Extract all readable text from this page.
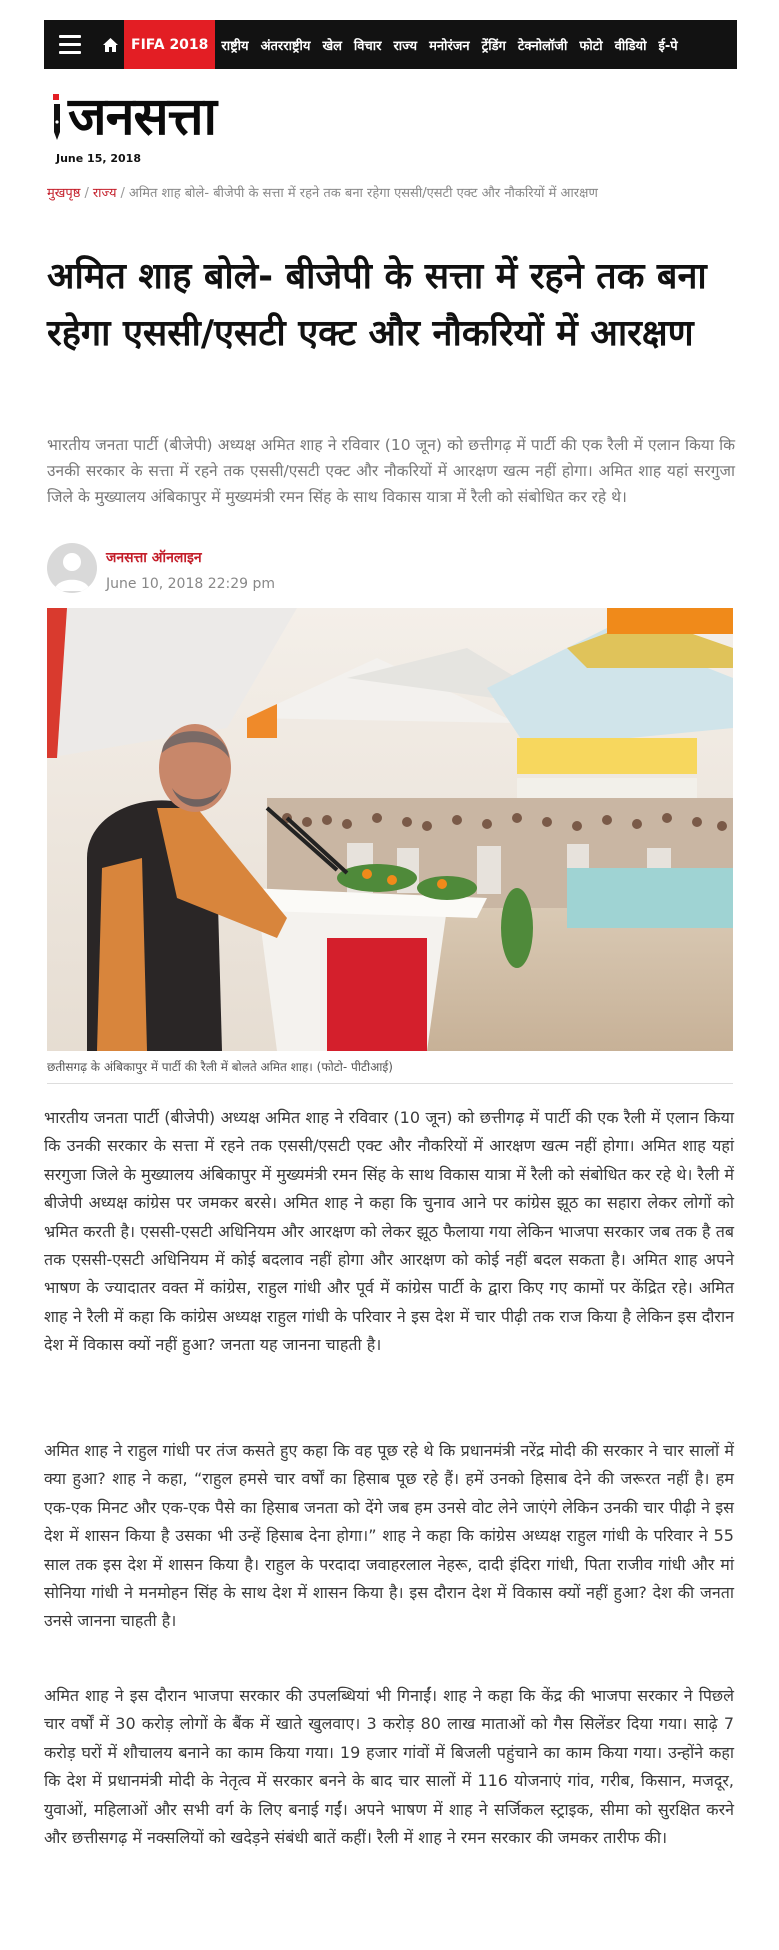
FIFA 2018	राष्ट्रीय अंतरराष्ट्रीय खेल विचार राज्य मनोरंजन ट्रेंडिंग टेक्नोलॉजी फोटो वीडियो ई-पे
जनसत्ता
June 15, 2018
मुखपृष्ठ / राज्य / अमित शाह बोले- बीजेपी के सत्ता में रहने तक बना रहेगा एससी/एसटी एक्ट और नौकरियों में आरक्षण
अमित शाह बोले- बीजेपी के सत्ता में रहने तक बना रहेगा एससी/एसटी एक्ट और नौकरियों में आरक्षण

भारतीय जनता पार्टी (बीजेपी) अध्यक्ष अमित शाह ने रविवार (10 जून) को छत्तीगढ़ में पार्टी की एक रैली में एलान किया कि उनकी सरकार के सत्ता में रहने तक एससी/एसटी एक्ट और नौकरियों में आरक्षण खत्म नहीं होगा। अमित शाह यहां सरगुजा जिले के मुख्यालय अंबिकापुर में मुख्यमंत्री रमन सिंह के साथ विकास यात्रा में रैली को संबोधित कर रहे थे।

जनसत्ता ऑनलाइन
June 10, 2018 22:29 pm
छतीसगढ़ के अंबिकापुर में पार्टी की रैली में बोलते अमित शाह। (फोटो- पीटीआई)

भारतीय जनता पार्टी (बीजेपी) अध्यक्ष अमित शाह ने रविवार (10 जून) को छत्तीगढ़ में पार्टी की एक रैली में एलान किया कि उनकी सरकार के सत्ता में रहने तक एससी/एसटी एक्ट और नौकरियों में आरक्षण खत्म नहीं होगा। अमित शाह यहां सरगुजा जिले के मुख्यालय अंबिकापुर में मुख्यमंत्री रमन सिंह के साथ विकास यात्रा में रैली को संबोधित कर रहे थे। रैली में बीजेपी अध्यक्ष कांग्रेस पर जमकर बरसे। अमित शाह ने कहा कि चुनाव आने पर कांग्रेस झूठ का सहारा लेकर लोगों को भ्रमित करती है। एससी-एसटी अधिनियम और आरक्षण को लेकर झूठ फैलाया गया लेकिन भाजपा सरकार जब तक है तब तक एससी-एसटी अधिनियम में कोई बदलाव नहीं होगा और आरक्षण को कोई नहीं बदल सकता है। अमित शाह अपने भाषण के ज्यादातर वक्त में कांग्रेस, राहुल गांधी और पूर्व में कांग्रेस पार्टी के द्वारा किए गए कामों पर केंद्रित रहे। अमित शाह ने रैली में कहा कि कांग्रेस अध्यक्ष राहुल गांधी के परिवार ने इस देश में चार पीढ़ी तक राज किया है लेकिन इस दौरान देश में विकास क्यों नहीं हुआ? जनता यह जानना चाहती है।

अमित शाह ने राहुल गांधी पर तंज कसते हुए कहा कि वह पूछ रहे थे कि प्रधानमंत्री नरेंद्र मोदी की सरकार ने चार सालों में क्या हुआ? शाह ने कहा, “राहुल हमसे चार वर्षों का हिसाब पूछ रहे हैं। हमें उनको हिसाब देने की जरूरत नहीं है। हम एक-एक मिनट और एक-एक पैसे का हिसाब जनता को देंगे जब हम उनसे वोट लेने जाएंगे लेकिन उनकी चार पीढ़ी ने इस देश में शासन किया है उसका भी उन्हें हिसाब देना होगा।” शाह ने कहा कि कांग्रेस अध्यक्ष राहुल गांधी के परिवार ने 55 साल तक इस देश में शासन किया है। राहुल के परदादा जवाहरलाल नेहरू, दादी इंदिरा गांधी, पिता राजीव गांधी और मां सोनिया गांधी ने मनमोहन सिंह के साथ देश में शासन किया है। इस दौरान देश में विकास क्यों नहीं हुआ? देश की जनता उनसे जानना चाहती है।

अमित शाह ने इस दौरान भाजपा सरकार की उपलब्धियां भी गिनाईं। शाह ने कहा कि केंद्र की भाजपा सरकार ने पिछले चार वर्षों में 30 करोड़ लोगों के बैंक में खाते खुलवाए। 3 करोड़ 80 लाख माताओं को गैस सिलेंडर दिया गया। साढ़े 7 करोड़ घरों में शौचालय बनाने का काम किया गया। 19 हजार गांवों में बिजली पहुंचाने का काम किया गया। उन्होंने कहा कि देश में प्रधानमंत्री मोदी के नेतृत्व में सरकार बनने के बाद चार सालों में 116 योजनाएं गांव, गरीब, किसान, मजदूर, युवाओं, महिलाओं और सभी वर्ग के लिए बनाई गईं। अपने भाषण में शाह ने सर्जिकल स्ट्राइक, सीमा को सुरक्षित करने और छत्तीसगढ़ में नक्सलियों को खदेड़ने संबंधी बातें कहीं। रैली में शाह ने रमन सरकार की जमकर तारीफ की।
